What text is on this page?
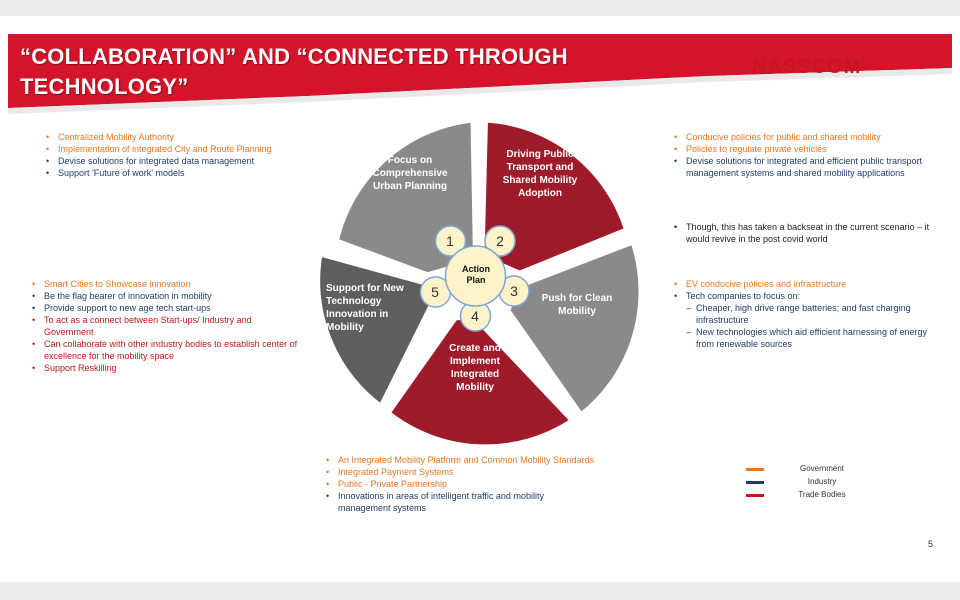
“COLLABORATION” AND “CONNECTED THROUGH TECHNOLOGY”
NASSCOM®
1	2
3
4
5
Action Plan
Focus on Comprehensive Urban Planning
Driving Public Transport and Shared Mobility Adoption
Push for Clean Mobility
Create and Implement Integrated Mobility
Support for New Technology Innovation in Mobility
• Centralized Mobility Authority
• Implementation of integrated City and Route Planning
• Devise solutions for integrated data management
• Support 'Future of work' models
• Conducive policies for public and shared mobility
• Policies to regulate private vehicles
• Devise solutions for integrated and efficient public transport management systems and shared mobility applications
• Though, this has taken a backseat in the current scenario – it would revive in the post covid world
• Smart Cities to Showcase innovation
• Be the flag bearer of innovation in mobility
• Provide support to new age tech start-ups
• To act as a connect between Start-ups/ Industry and Government
• Can collaborate with other industry bodies to establish center of excellence for the mobility space
• Support Reskilling
• EV conducive policies and infrastructure
• Tech companies to focus on:
– Cheaper, high drive range batteries; and fast charging infrastructure
– New technologies which aid efficient harnessing of energy from renewable sources
• An Integrated Mobility Platform and Common Mobility Standards
• Integrated Payment Systems
• Public - Private Partnership
• Innovations in areas of intelligent traffic and mobility management systems
Government
Industry
Trade Bodies
5
